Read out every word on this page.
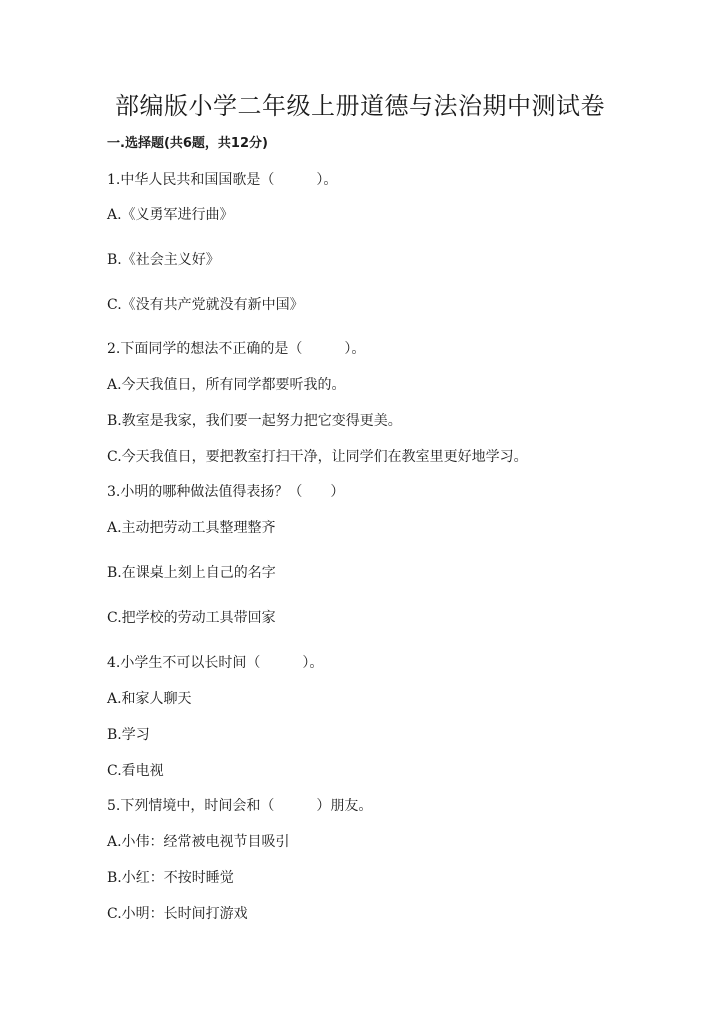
部编版小学二年级上册道德与法治期中测试卷
一.选择题(共6题，共12分)
1.中华人民共和国国歌是（　　　）。
A.《义勇军进行曲》
B.《社会主义好》
C.《没有共产党就没有新中国》
2.下面同学的想法不正确的是（　　　）。
A.今天我值日，所有同学都要听我的。
B.教室是我家，我们要一起努力把它变得更美。
C.今天我值日，要把教室打扫干净，让同学们在教室里更好地学习。
3.小明的哪种做法值得表扬？（　　）
A.主动把劳动工具整理整齐
B.在课桌上刻上自己的名字
C.把学校的劳动工具带回家
4.小学生不可以长时间（　　　）。
A.和家人聊天
B.学习
C.看电视
5.下列情境中，时间会和（　　　）朋友。
A.小伟：经常被电视节目吸引
B.小红：不按时睡觉
C.小明：长时间打游戏
